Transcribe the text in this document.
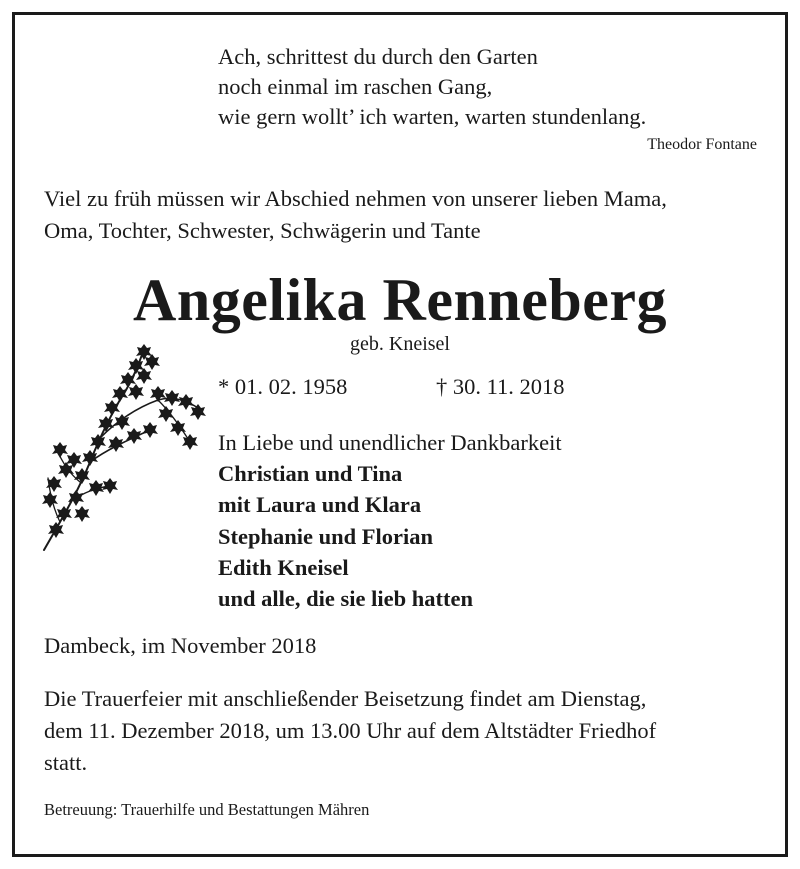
Ach, schrittest du durch den Garten
noch einmal im raschen Gang,
wie gern wollt’ ich warten, warten stundenlang.
Theodor Fontane
Viel zu früh müssen wir Abschied nehmen von unserer lieben Mama,
Oma, Tochter, Schwester, Schwägerin und Tante
Angelika Renneberg
geb. Kneisel
* 01. 02. 1958	† 30. 11. 2018
In Liebe und unendlicher Dankbarkeit
Christian und Tina
mit Laura und Klara
Stephanie und Florian
Edith Kneisel
und alle, die sie lieb hatten
Dambeck, im November 2018
Die Trauerfeier mit anschließender Beisetzung findet am Dienstag,
dem 11. Dezember 2018, um 13.00 Uhr auf dem Altstädter Friedhof
statt.
Betreuung: Trauerhilfe und Bestattungen Mähren
